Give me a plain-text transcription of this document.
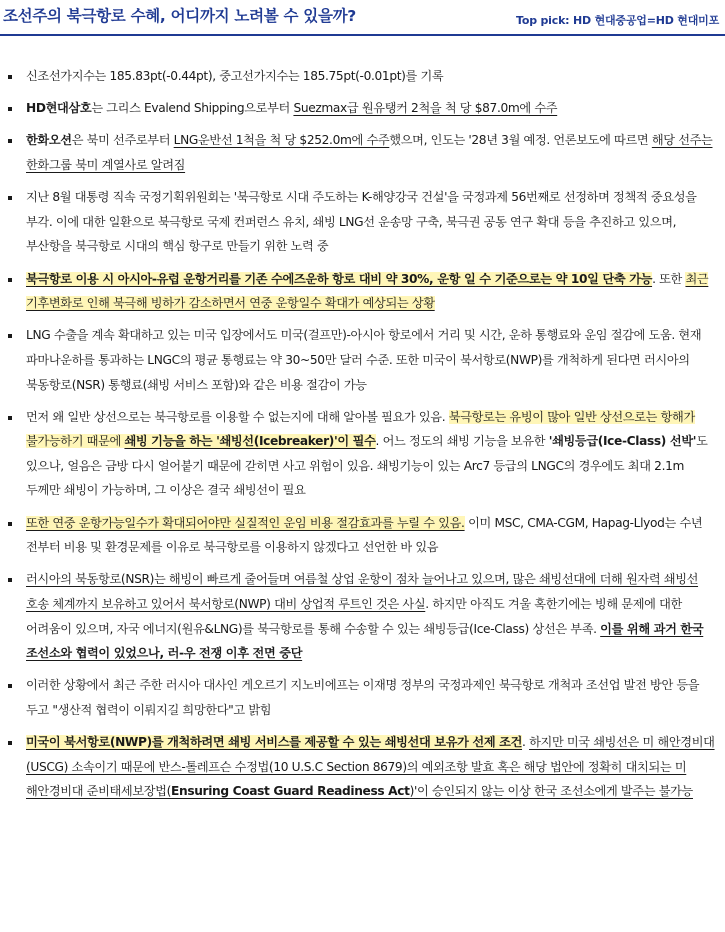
조선주의 북극항로 수혜, 어디까지 노려볼 수 있을까?	Top pick: HD 현대중공업=HD 현대미포
신조선가지수는 185.83pt(-0.44pt), 중고선가지수는 185.75pt(-0.01pt)를 기록
HD현대삼호는 그리스 Evalend Shipping으로부터 Suezmax급 원유탱커 2척을 척 당 $87.0m에 수주
한화오션은 북미 선주로부터 LNG운반선 1척을 척 당 $252.0m에 수주했으며, 인도는 '28년 3월 예정. 언론보도에 따르면 해당 선주는 한화그룹 북미 계열사로 알려짐
지난 8월 대통령 직속 국정기획위원회는 '북극항로 시대 주도하는 K-해양강국 건설'을 국정과제 56번째로 선정하며 정책적 중요성을 부각. 이에 대한 일환으로 북극항로 국제 컨퍼런스 유치, 쇄빙 LNG선 운송망 구축, 북극권 공동 연구 확대 등을 추진하고 있으며, 부산항을 북극항로 시대의 핵심 항구로 만들기 위한 노력 중
북극항로 이용 시 아시아-유럽 운항거리를 기존 수에즈운하 항로 대비 약 30%, 운항 일 수 기준으로는 약 10일 단축 가능. 또한 최근 기후변화로 인해 북극해 빙하가 감소하면서 연중 운항일수 확대가 예상되는 상황
LNG 수출을 계속 확대하고 있는 미국 입장에서도 미국(걸프만)-아시아 항로에서 거리 및 시간, 운하 통행료와 운임 절감에 도움. 현재 파마나운하를 통과하는 LNGC의 평균 통행료는 약 30~50만 달러 수준. 또한 미국이 북서항로(NWP)를 개척하게 된다면 러시아의 북동항로(NSR) 통행료(쇄빙 서비스 포함)와 같은 비용 절감이 가능
먼저 왜 일반 상선으로는 북극항로를 이용할 수 없는지에 대해 알아볼 필요가 있음. 북극항로는 유빙이 많아 일반 상선으로는 항해가 불가능하기 때문에 쇄빙 기능을 하는 '쇄빙선(Icebreaker)'이 필수. 어느 정도의 쇄빙 기능을 보유한 '쇄빙등급(Ice-Class) 선박'도 있으나, 얼음은 금방 다시 얼어붙기 때문에 갇히면 사고 위험이 있음. 쇄빙기능이 있는 Arc7 등급의 LNGC의 경우에도 최대 2.1m 두께만 쇄빙이 가능하며, 그 이상은 결국 쇄빙선이 필요
또한 연중 운항가능일수가 확대되어야만 실질적인 운임 비용 절감효과를 누릴 수 있음. 이미 MSC, CMA-CGM, Hapag-Llyod는 수년 전부터 비용 및 환경문제를 이유로 북극항로를 이용하지 않겠다고 선언한 바 있음
러시아의 북동항로(NSR)는 해빙이 빠르게 줄어들며 여름철 상업 운항이 점차 늘어나고 있으며, 많은 쇄빙선대에 더해 원자력 쇄빙선 호송 체계까지 보유하고 있어서 북서항로(NWP) 대비 상업적 루트인 것은 사실. 하지만 아직도 겨울 혹한기에는 빙해 문제에 대한 어려움이 있으며, 자국 에너지(원유&LNG)를 북극항로를 통해 수송할 수 있는 쇄빙등급(Ice-Class) 상선은 부족. 이를 위해 과거 한국 조선소와 협력이 있었으나, 러-우 전쟁 이후 전면 중단
이러한 상황에서 최근 주한 러시아 대사인 게오르기 지노비에프는 이재명 정부의 국정과제인 북극항로 개척과 조선업 발전 방안 등을 두고 "생산적 협력이 이뤄지길 희망한다"고 밝힘
미국이 북서항로(NWP)를 개척하려면 쇄빙 서비스를 제공할 수 있는 쇄빙선대 보유가 선제 조건. 하지만 미국 쇄빙선은 미 해안경비대(USCG) 소속이기 때문에 반스-톨레프슨 수정법(10 U.S.C Section 8679)의 예외조항 발효 혹은 해당 법안에 정확히 대치되는 미 해안경비대 준비태세보장법(Ensuring Coast Guard Readiness Act)'이 승인되지 않는 이상 한국 조선소에게 발주는 불가능
